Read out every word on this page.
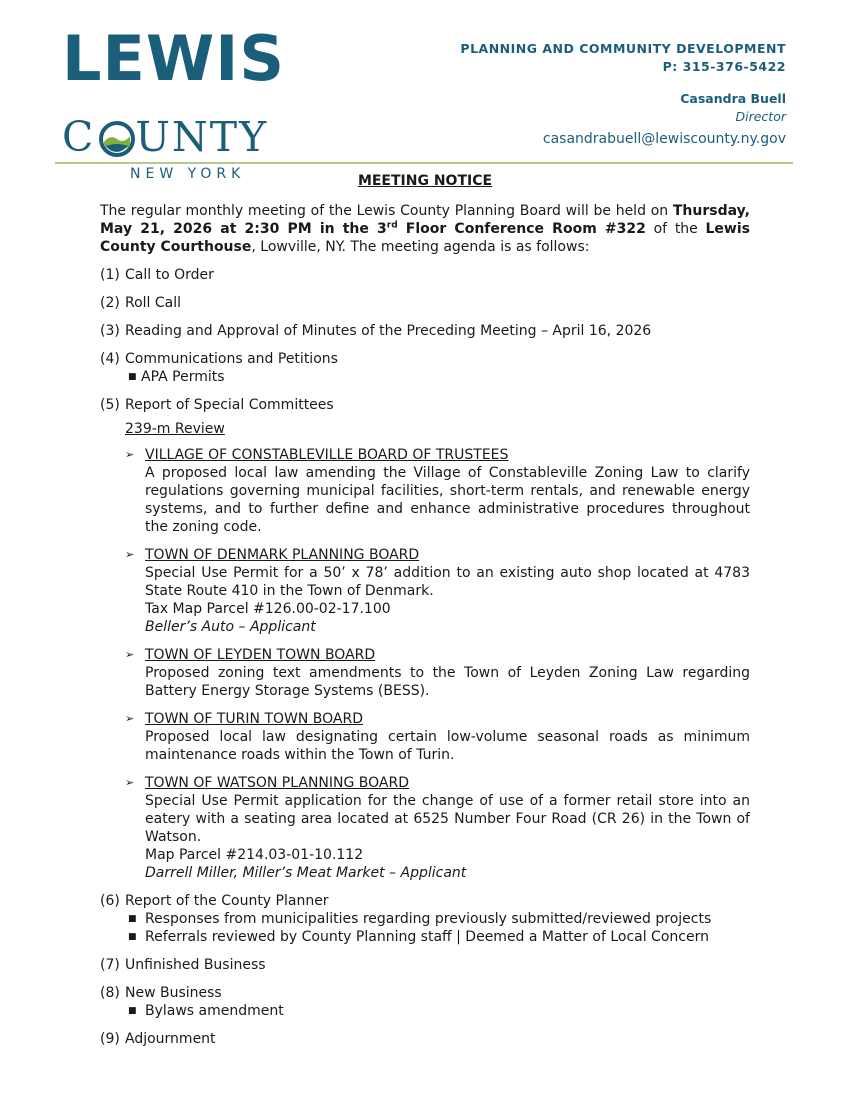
LEWIS
C UNTY
NEW YORK
PLANNING AND COMMUNITY DEVELOPMENT
P: 315-376-5422
Casandra Buell
Director
casandrabuell@lewiscounty.ny.gov
MEETING NOTICE
The regular monthly meeting of the Lewis County Planning Board will be held on Thursday, May 21, 2026 at 2:30 PM in the 3rd Floor Conference Room #322 of the Lewis County Courthouse, Lowville, NY. The meeting agenda is as follows:
(1) Call to Order
(2) Roll Call
(3) Reading and Approval of Minutes of the Preceding Meeting – April 16, 2026
(4) Communications and Petitions
■ APA Permits
(5) Report of Special Committees
239-m Review
➢ VILLAGE OF CONSTABLEVILLE BOARD OF TRUSTEES
A proposed local law amending the Village of Constableville Zoning Law to clarify regulations governing municipal facilities, short-term rentals, and renewable energy systems, and to further define and enhance administrative procedures throughout the zoning code.
➢ TOWN OF DENMARK PLANNING BOARD
Special Use Permit for a 50’ x 78’ addition to an existing auto shop located at 4783 State Route 410 in the Town of Denmark.
Tax Map Parcel #126.00-02-17.100
Beller’s Auto – Applicant
➢ TOWN OF LEYDEN TOWN BOARD
Proposed zoning text amendments to the Town of Leyden Zoning Law regarding Battery Energy Storage Systems (BESS).
➢ TOWN OF TURIN TOWN BOARD
Proposed local law designating certain low-volume seasonal roads as minimum maintenance roads within the Town of Turin.
➢ TOWN OF WATSON PLANNING BOARD
Special Use Permit application for the change of use of a former retail store into an eatery with a seating area located at 6525 Number Four Road (CR 26) in the Town of Watson.
Map Parcel #214.03-01-10.112
Darrell Miller, Miller’s Meat Market – Applicant
(6) Report of the County Planner
■ Responses from municipalities regarding previously submitted/reviewed projects
■ Referrals reviewed by County Planning staff | Deemed a Matter of Local Concern
(7) Unfinished Business
(8) New Business
■ Bylaws amendment
(9) Adjournment
